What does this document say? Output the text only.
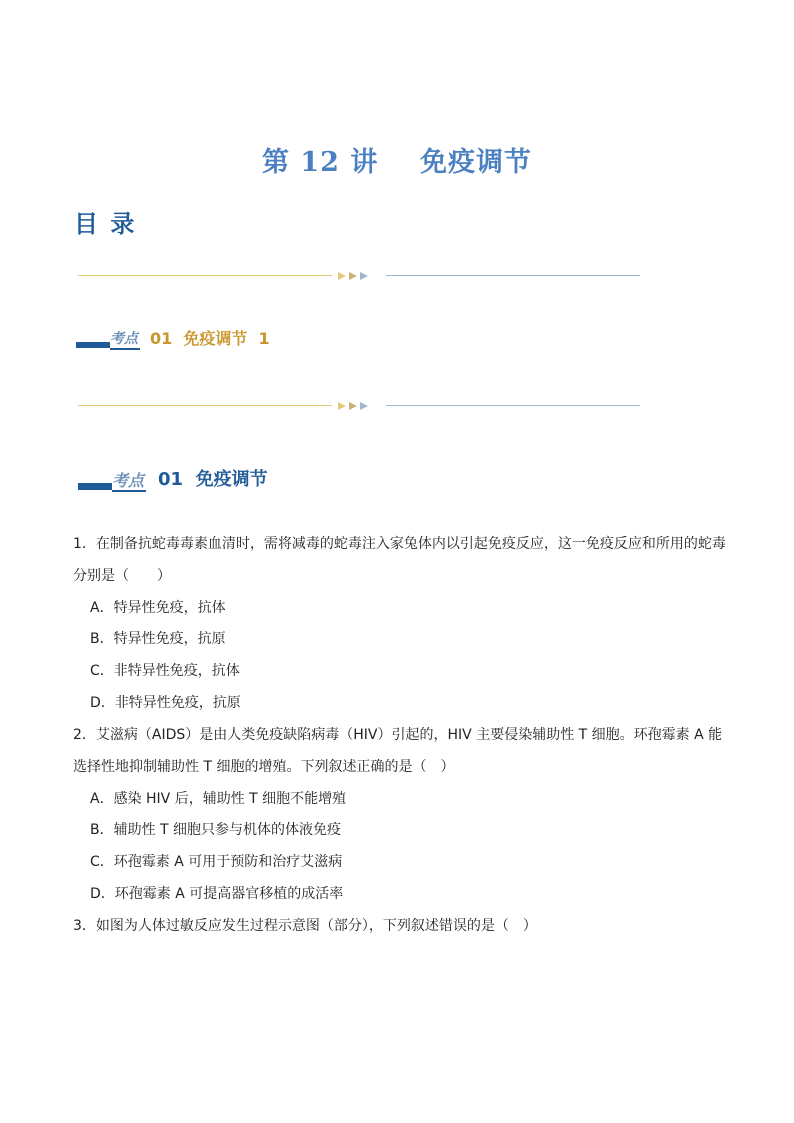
第 12 讲    免疫调节
目 录
考点 01  免疫调节  1
考点 01  免疫调节
1．在制备抗蛇毒毒素血清时，需将减毒的蛇毒注入家兔体内以引起免疫反应，这一免疫反应和所用的蛇毒
分别是（　　）
A．特异性免疫，抗体
B．特异性免疫，抗原
C．非特异性免疫，抗体
D．非特异性免疫，抗原
2．艾滋病（AIDS）是由人类免疫缺陷病毒（HIV）引起的，HIV 主要侵染辅助性 T 细胞。环孢霉素 A 能
选择性地抑制辅助性 T 细胞的增殖。下列叙述正确的是（　）
A．感染 HIV 后，辅助性 T 细胞不能增殖
B．辅助性 T 细胞只参与机体的体液免疫
C．环孢霉素 A 可用于预防和治疗艾滋病
D．环孢霉素 A 可提高器官移植的成活率
3．如图为人体过敏反应发生过程示意图（部分），下列叙述错误的是（　）
